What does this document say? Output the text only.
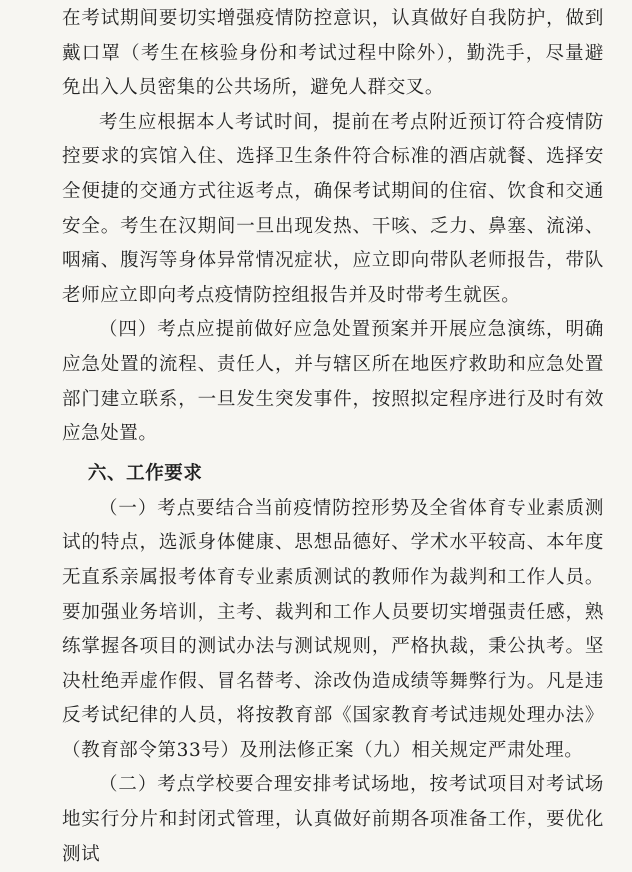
在考试期间要切实增强疫情防控意识，认真做好自我防护，做到戴口罩（考生在核验身份和考试过程中除外），勤洗手，尽量避免出入人员密集的公共场所，避免人群交叉。

考生应根据本人考试时间，提前在考点附近预订符合疫情防控要求的宾馆入住、选择卫生条件符合标准的酒店就餐、选择安全便捷的交通方式往返考点，确保考试期间的住宿、饮食和交通安全。考生在汉期间一旦出现发热、干咳、乏力、鼻塞、流涕、咽痛、腹泻等身体异常情况症状，应立即向带队老师报告，带队老师应立即向考点疫情防控组报告并及时带考生就医。

（四）考点应提前做好应急处置预案并开展应急演练，明确应急处置的流程、责任人，并与辖区所在地医疗救助和应急处置部门建立联系，一旦发生突发事件，按照拟定程序进行及时有效应急处置。

六、工作要求

（一）考点要结合当前疫情防控形势及全省体育专业素质测试的特点，选派身体健康、思想品德好、学术水平较高、本年度无直系亲属报考体育专业素质测试的教师作为裁判和工作人员。要加强业务培训，主考、裁判和工作人员要切实增强责任感，熟练掌握各项目的测试办法与测试规则，严格执裁，秉公执考。坚决杜绝弄虚作假、冒名替考、涂改伪造成绩等舞弊行为。凡是违反考试纪律的人员，将按教育部《国家教育考试违规处理办法》（教育部令第33号）及刑法修正案（九）相关规定严肃处理。

（二）考点学校要合理安排考试场地，按考试项目对考试场地实行分片和封闭式管理，认真做好前期各项准备工作，要优化测试
